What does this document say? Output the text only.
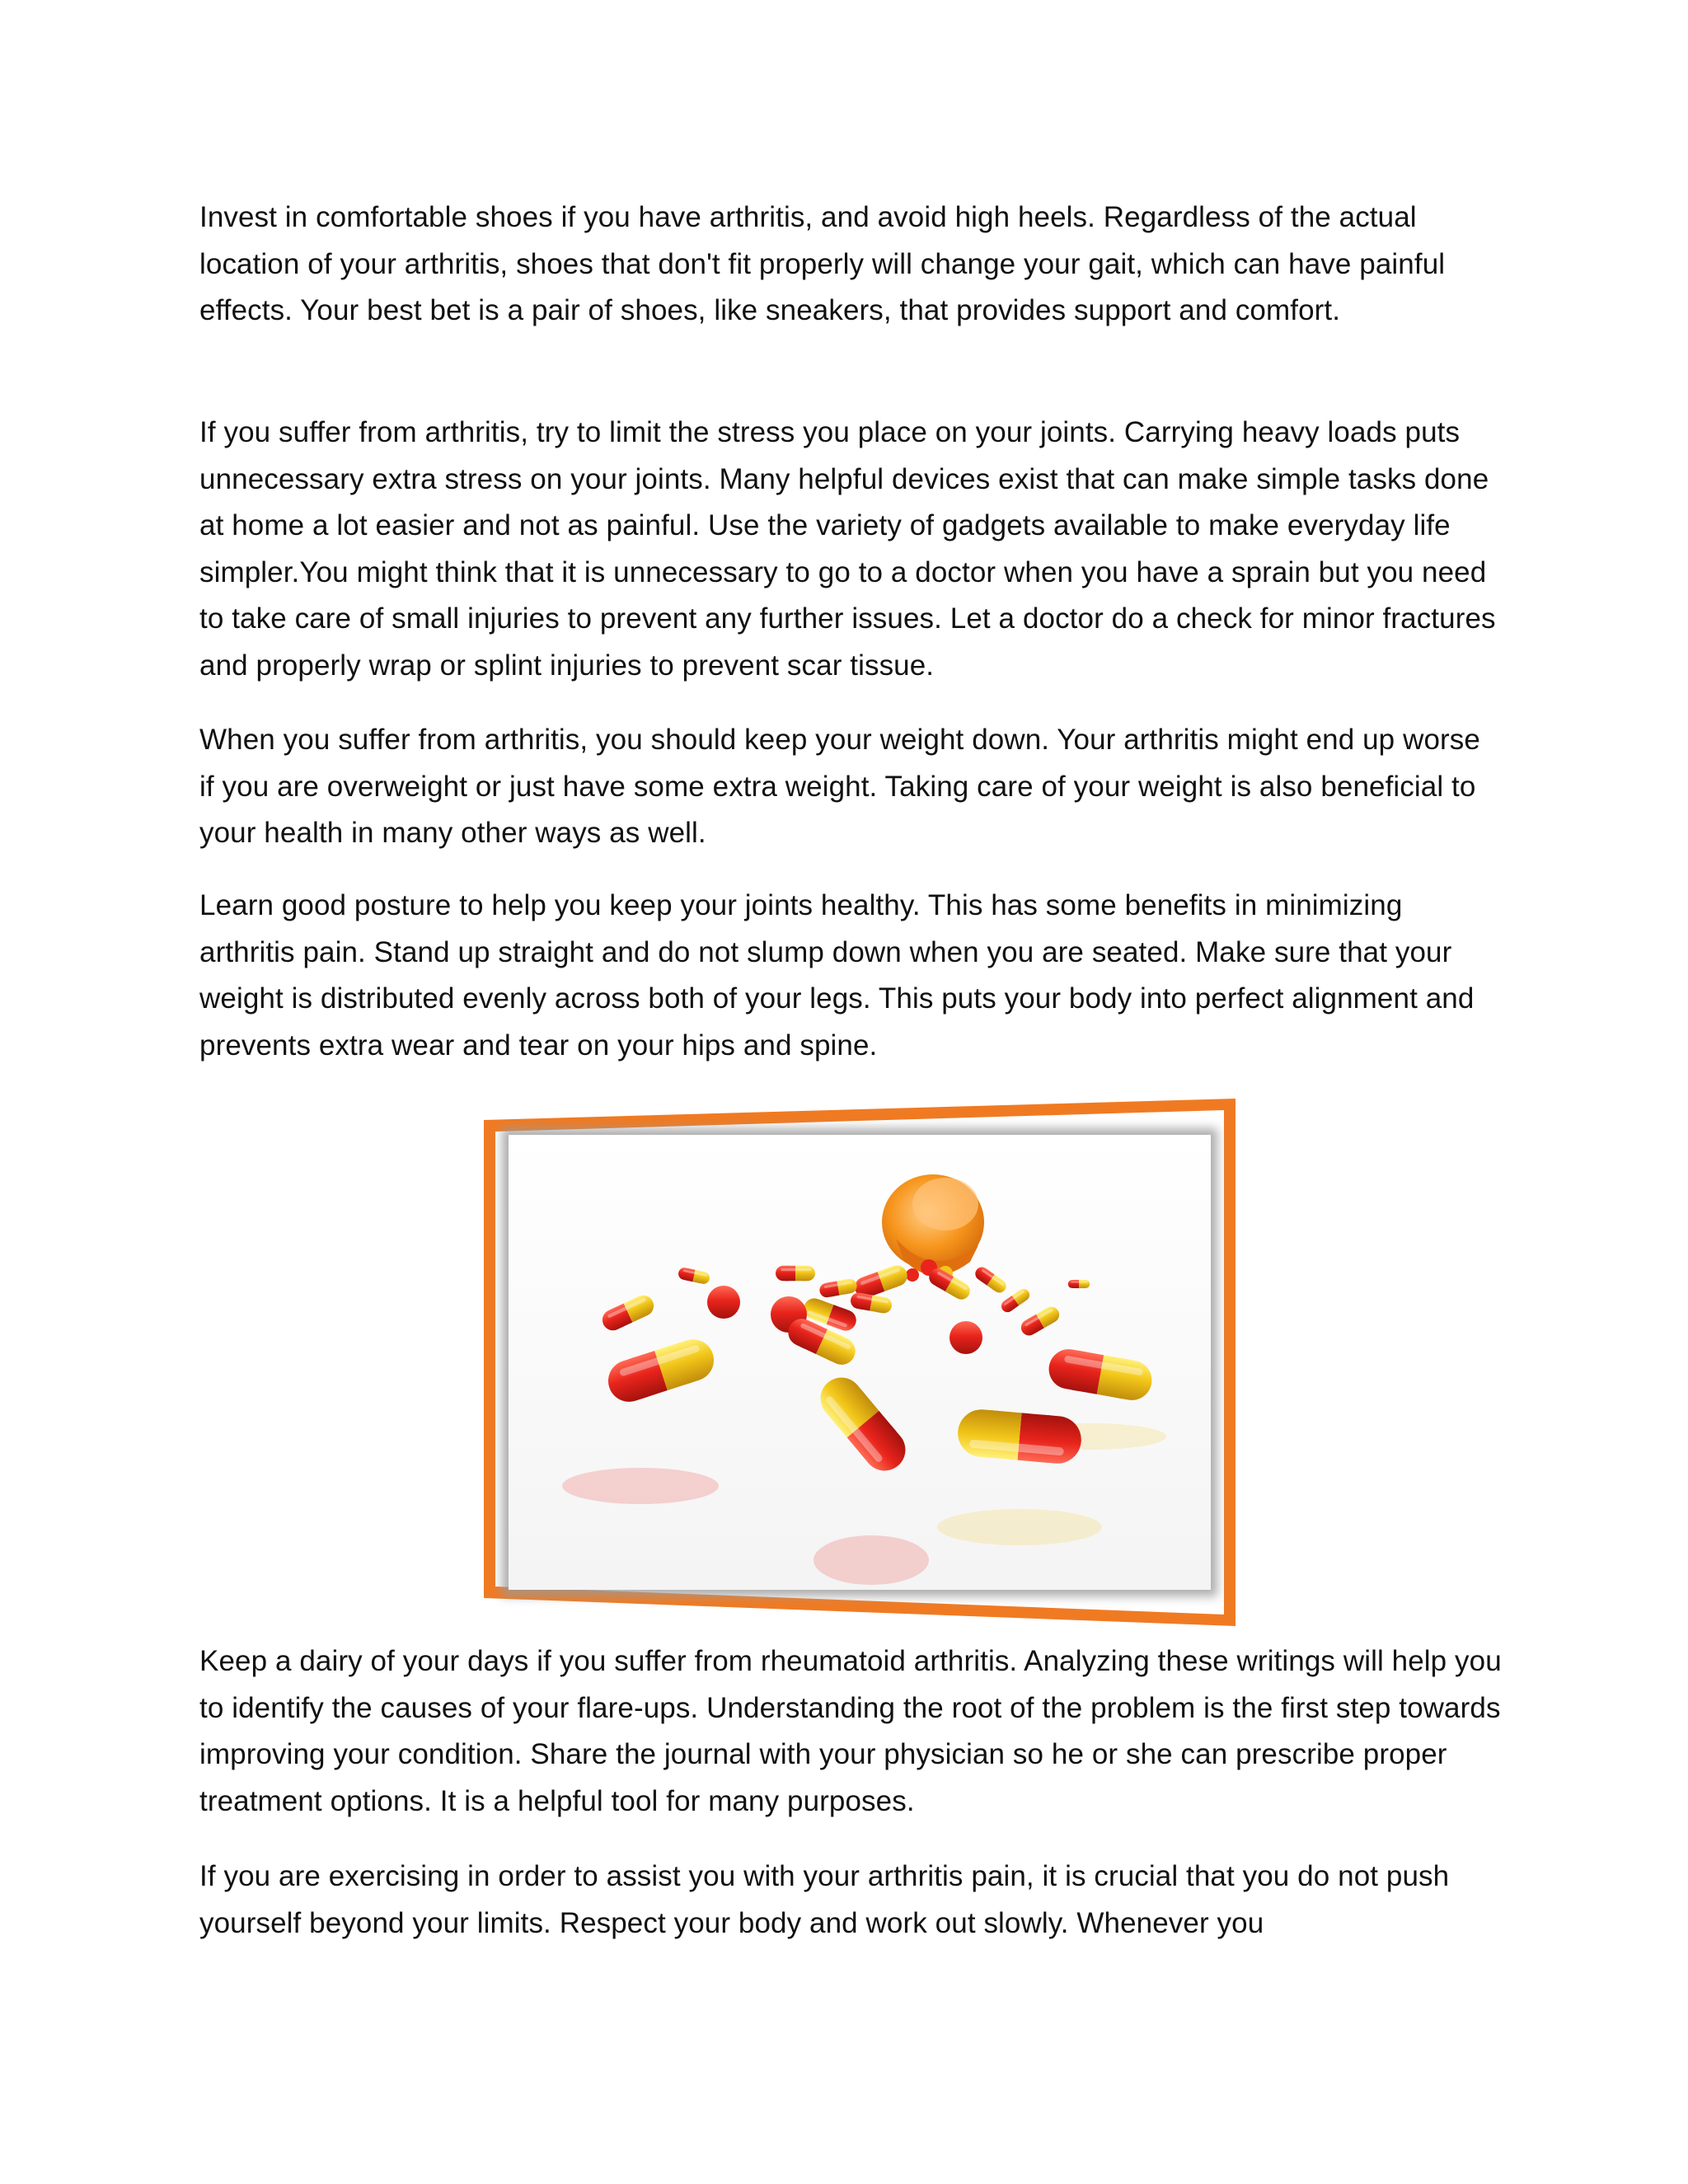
Invest in comfortable shoes if you have arthritis, and avoid high heels. Regardless of the actual location of your arthritis, shoes that don't fit properly will change your gait, which can have painful effects. Your best bet is a pair of shoes, like sneakers, that provides support and comfort.

If you suffer from arthritis, try to limit the stress you place on your joints. Carrying heavy loads puts unnecessary extra stress on your joints. Many helpful devices exist that can make simple tasks done at home a lot easier and not as painful. Use the variety of gadgets available to make everyday life simpler.You might think that it is unnecessary to go to a doctor when you have a sprain but you need to take care of small injuries to prevent any further issues. Let a doctor do a check for minor fractures and properly wrap or splint injuries to prevent scar tissue.

When you suffer from arthritis, you should keep your weight down. Your arthritis might end up worse if you are overweight or just have some extra weight. Taking care of your weight is also beneficial to your health in many other ways as well.

Learn good posture to help you keep your joints healthy. This has some benefits in minimizing arthritis pain. Stand up straight and do not slump down when you are seated. Make sure that your weight is distributed evenly across both of your legs. This puts your body into perfect alignment and prevents extra wear and tear on your hips and spine.

Keep a dairy of your days if you suffer from rheumatoid arthritis. Analyzing these writings will help you to identify the causes of your flare-ups. Understanding the root of the problem is the first step towards improving your condition. Share the journal with your physician so he or she can prescribe proper treatment options. It is a helpful tool for many purposes.

If you are exercising in order to assist you with your arthritis pain, it is crucial that you do not push yourself beyond your limits. Respect your body and work out slowly. Whenever you
